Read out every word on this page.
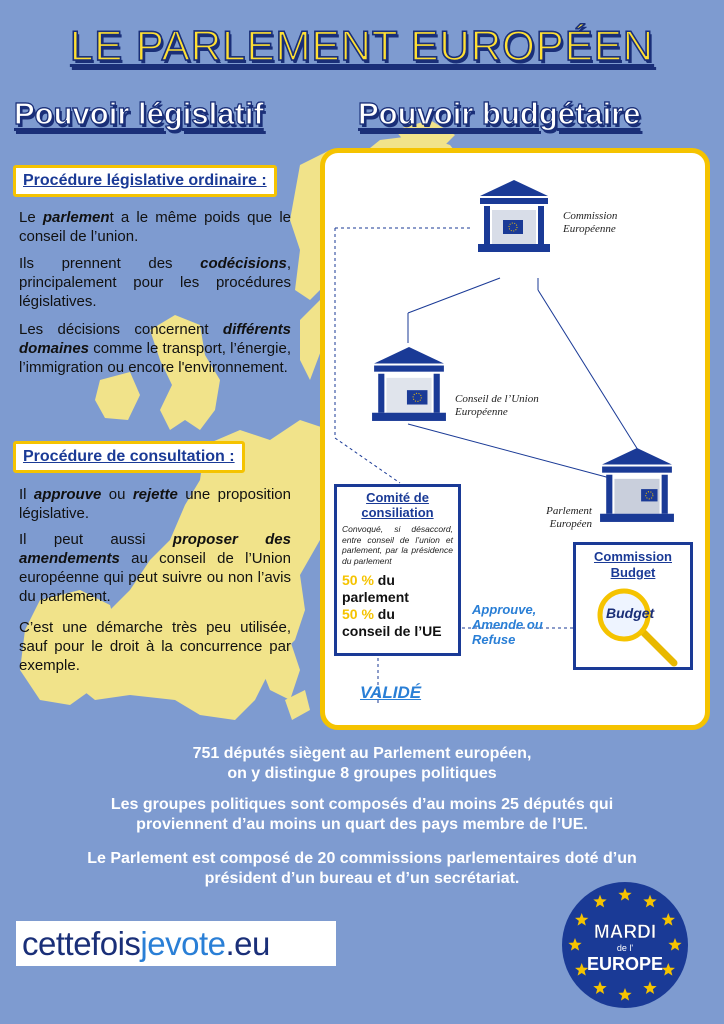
LE PARLEMENT EUROPÉEN
Pouvoir législatif	Pouvoir budgétaire
Procédure législative ordinaire :
Le parlement a le même poids que le conseil de l’union.
Ils prennent des codécisions, principalement pour les procédures législatives.
Les décisions concernent différents domaines comme le transport, l’énergie, l’immigration ou encore l'environnement.
Procédure de consultation :
Il approuve ou rejette une proposition législative.
Il peut aussi proposer des amendements au conseil de l’Union européenne qui peut suivre ou non l’avis du parlement.
C’est une démarche très peu utilisée, sauf pour le droit à la concurrence par exemple.
Commission
Européenne
Conseil de l’Union
Européenne
Parlement
Européen
Comité de
consiliation
Convoqué, si désaccord, entre conseil de l’union et parlement, par la présidence du parlement
50 % du
parlement
50 % du
conseil de l’UE
Approuve,
Amende ou
Refuse
Commission
Budget
Budget
VALIDÉ
751 députés siègent au Parlement européen,
on y distingue 8 groupes politiques
Les groupes politiques sont composés d’au moins 25 députés qui
proviennent d’au moins un quart des pays membre de l’UE.
Le Parlement est composé de 20 commissions parlementaires doté d’un
président d’un bureau et d’un secrétariat.
cettefoisjevote.eu	MARDI
de l'
EUROPE
